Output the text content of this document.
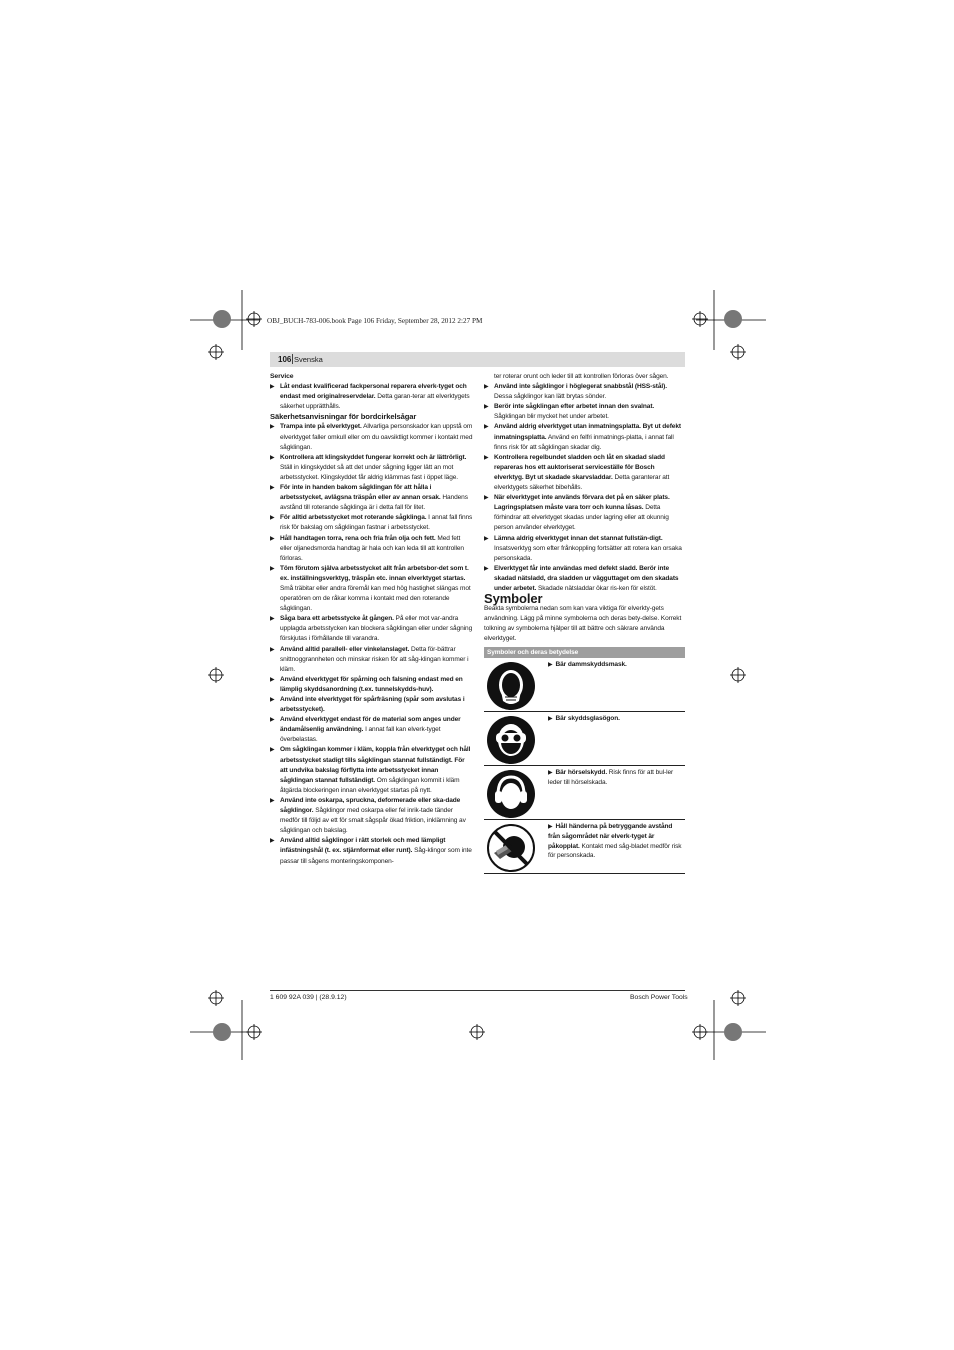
OBJ_BUCH-783-006.book Page 106 Friday, September 28, 2012 2:27 PM
106 Svenska

Service

▶ Låt endast kvalificerad fackpersonal reparera elverk-tyget och endast med originalreservdelar. Detta garan-terar att elverktygets säkerhet upprätthålls.

Säkerhetsanvisningar för bordcirkelsågar

▶ Trampa inte på elverktyget. Allvarliga personskador kan uppstå om elverktyget faller omkull eller om du oavsiktligt kommer i kontakt med sågklingan.

▶ Kontrollera att klingskyddet fungerar korrekt och är lättrörligt. Ställ in klingskyddet så att det under sågning ligger lätt an mot arbetsstycket. Klingskyddet får aldrig klämmas fast i öppet läge.

▶ För inte in handen bakom sågklingan för att hålla i arbetsstycket, avlägsna träspån eller av annan orsak. Handens avstånd till roterande sågklinga är i detta fall för litet.

▶ För alltid arbetsstycket mot roterande sågklinga. I annat fall finns risk för bakslag om sågklingan fastnar i arbetsstycket.

▶ Håll handtagen torra, rena och fria från olja och fett. Med fett eller oljanedsmorda handtag är hala och kan leda till att kontrollen förloras.

▶ Töm förutom själva arbetsstycket allt från arbetsbor-det som t. ex. inställningsverktyg, träspån etc. innan elverktyget startas. Små träbitar eller andra föremål kan med hög hastighet slängas mot operatören om de råkar komma i kontakt med den roterande sågklingan.

▶ Såga bara ett arbetsstycke åt gången. På eller mot var-andra upplagda arbetsstycken kan blockera sågklingan eller under sågning förskjutas i förhållande till varandra.

▶ Använd alltid parallell- eller vinkelanslaget. Detta för-bättrar snittnoggrannheten och minskar risken för att såg-klingan kommer i kläm.

▶ Använd elverktyget för spårning och falsning endast med en lämplig skyddsanordning (t.ex. tunnelskydds-huv).

▶ Använd inte elverktyget för spårfräsning (spår som avslutas i arbetsstycket).

▶ Använd elverktyget endast för de material som anges under ändamålsenlig användning. I annat fall kan elverk-tyget överbelastas.

▶ Om sågklingan kommer i kläm, koppla från elverktyget och håll arbetsstycket stadigt tills sågklingan stannat fullständigt. För att undvika bakslag förflytta inte arbetsstycket innan sågklingan stannat fullständigt. Om sågklingan kommit i kläm åtgärda blockeringen innan elverktyget startas på nytt.

▶ Använd inte oskarpa, spruckna, deformerade eller ska-dade sågklingor. Sågklingor med oskarpa eller fel inrik-tade tänder medför till följd av ett för smalt sågspår ökad friktion, inklämning av sågklingan och bakslag.

▶ Använd alltid sågklingor i rätt storlek och med lämpligt infästningshål (t. ex. stjärnformat eller runt). Såg-klingor som inte passar till sågens monteringskomponen-

ter roterar orunt och leder till att kontrollen förloras över sågen.

▶ Använd inte sågklingor i höglegerat snabbstål (HSS-stål). Dessa sågklingor kan lätt brytas sönder.

▶ Berör inte sågklingan efter arbetet innan den svalnat. Sågklingan blir mycket het under arbetet.

▶ Använd aldrig elverktyget utan inmatningsplatta. Byt ut defekt inmatningsplatta. Använd en felfri inmatnings-platta, i annat fall finns risk för att sågklingan skadar dig.

▶ Kontrollera regelbundet sladden och låt en skadad sladd repareras hos ett auktoriserat serviceställe för Bosch elverktyg. Byt ut skadade skarvsladdar. Detta garanterar att elverktygets säkerhet bibehålls.

▶ När elverktyget inte används förvara det på en säker plats. Lagringsplatsen måste vara torr och kunna låsas. Detta förhindrar att elverktyget skadas under lagring eller att okunnig person använder elverktyget.

▶ Lämna aldrig elverktyget innan det stannat fullstän-digt. Insatsverktyg som efter frånkoppling fortsätter att rotera kan orsaka personskada.

▶ Elverktyget får inte användas med defekt sladd. Berör inte skadad nätsladd, dra sladden ur vägguttaget om den skadats under arbetet. Skadade nätsladdar ökar ris-ken för elstöt.

Symboler

Beakta symbolerna nedan som kan vara viktiga för elverkty-gets användning. Lägg på minne symbolerna och deras bety-delse. Korrekt tolkning av symbolerna hjälper till att bättre och säkrare använda elverktyget.

Symboler och deras betydelse
▶ Bär dammskyddsmask.
▶ Bär skyddsglasögon.
▶ Bär hörselskydd. Risk finns för att bul-ler leder till hörselskada.
▶ Håll händerna på betryggande avstånd från sågområdet när elverk-tyget är påkopplat. Kontakt med såg-bladet medför risk för personskada.
1 609 92A 039 | (28.9.12)	Bosch Power Tools
